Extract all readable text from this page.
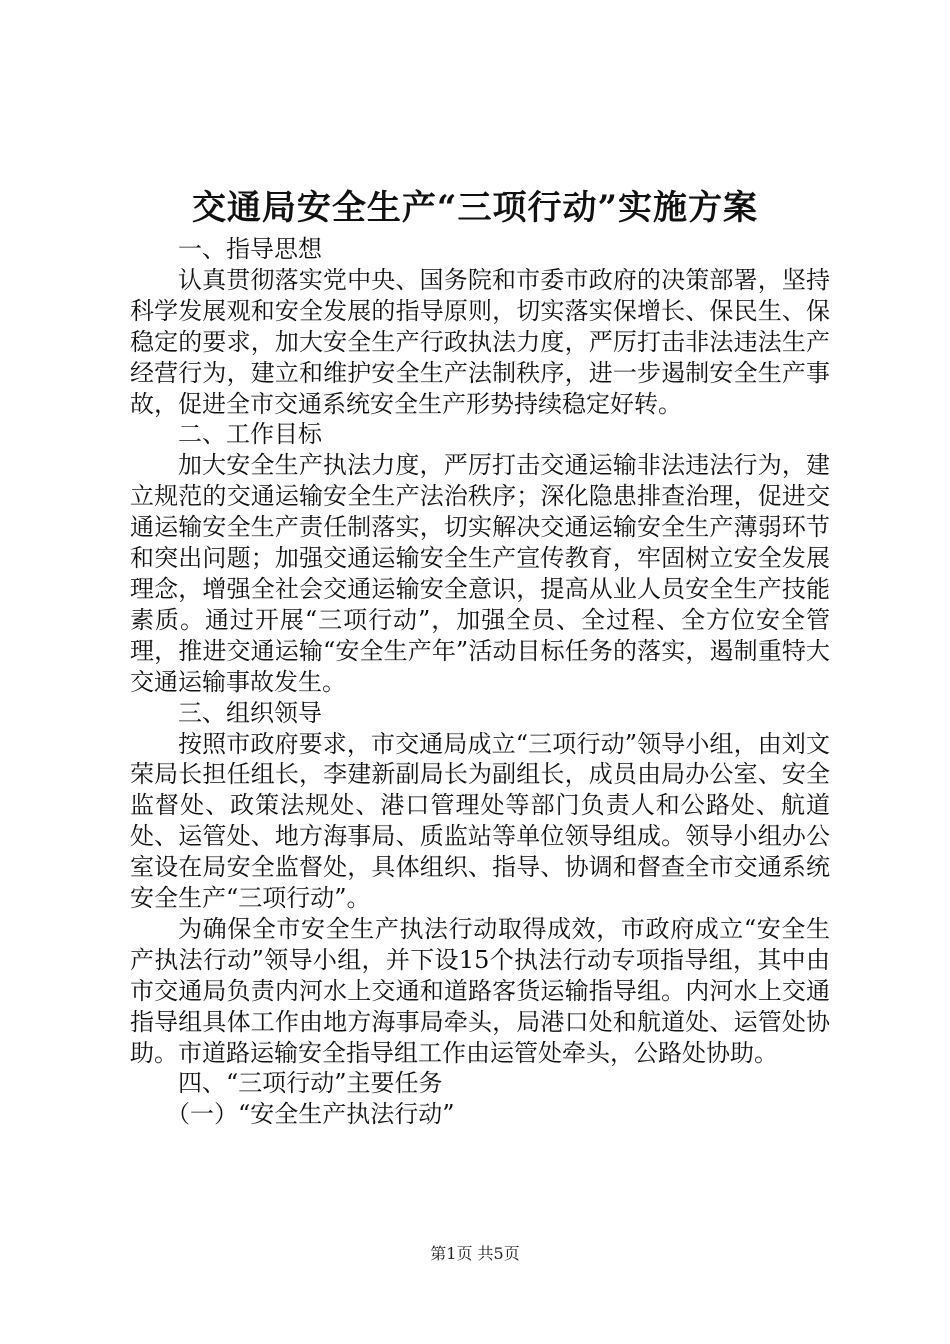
交通局安全生产“三项行动”实施方案

一、指导思想

认真贯彻落实党中央、国务院和市委市政府的决策部署，坚持科学发展观和安全发展的指导原则，切实落实保增长、保民生、保稳定的要求，加大安全生产行政执法力度，严厉打击非法违法生产经营行为，建立和维护安全生产法制秩序，进一步遏制安全生产事故，促进全市交通系统安全生产形势持续稳定好转。

二、工作目标

加大安全生产执法力度，严厉打击交通运输非法违法行为，建立规范的交通运输安全生产法治秩序；深化隐患排查治理，促进交通运输安全生产责任制落实，切实解决交通运输安全生产薄弱环节和突出问题；加强交通运输安全生产宣传教育，牢固树立安全发展理念，增强全社会交通运输安全意识，提高从业人员安全生产技能素质。通过开展“三项行动”，加强全员、全过程、全方位安全管理，推进交通运输“安全生产年”活动目标任务的落实，遏制重特大交通运输事故发生。

三、组织领导

按照市政府要求，市交通局成立“三项行动”领导小组，由刘文荣局长担任组长，李建新副局长为副组长，成员由局办公室、安全监督处、政策法规处、港口管理处等部门负责人和公路处、航道处、运管处、地方海事局、质监站等单位领导组成。领导小组办公室设在局安全监督处，具体组织、指导、协调和督查全市交通系统安全生产“三项行动”。

为确保全市安全生产执法行动取得成效，市政府成立“安全生产执法行动”领导小组，并下设15个执法行动专项指导组，其中由市交通局负责内河水上交通和道路客货运输指导组。内河水上交通指导组具体工作由地方海事局牵头，局港口处和航道处、运管处协助。市道路运输安全指导组工作由运管处牵头，公路处协助。

四、“三项行动”主要任务

（一）“安全生产执法行动”

第1页 共5页
